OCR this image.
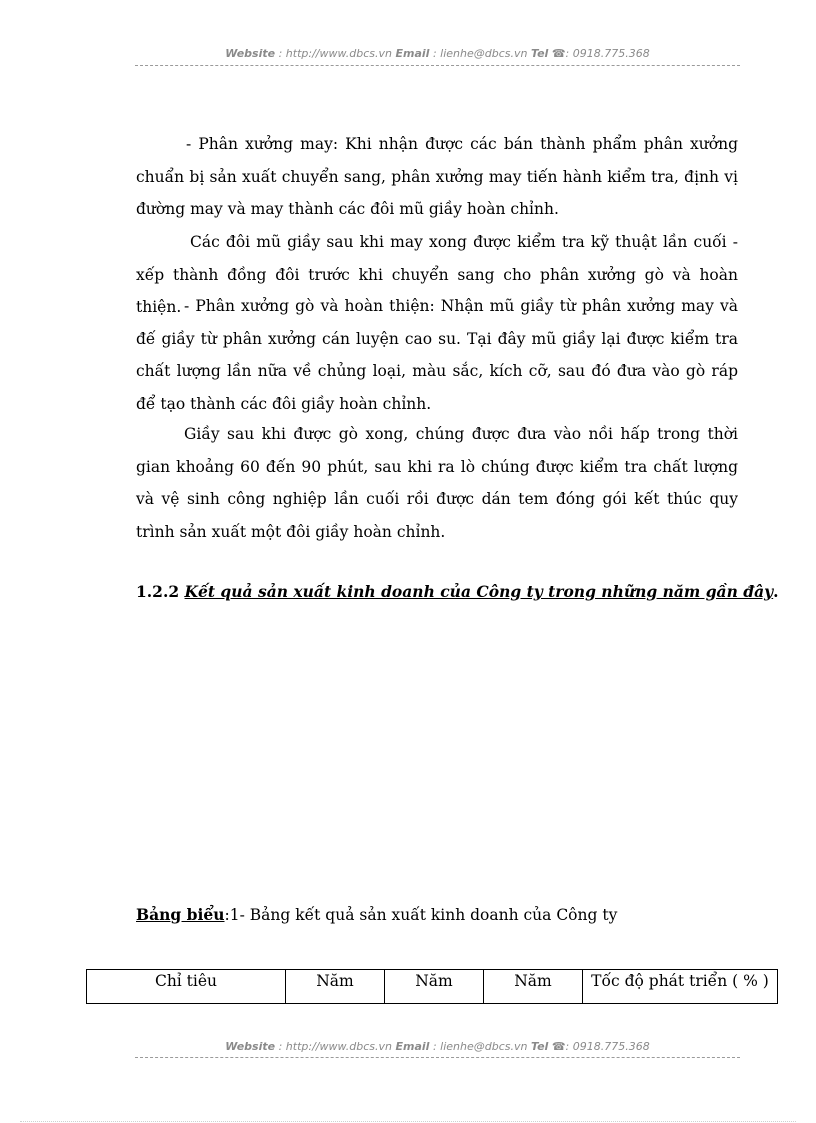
Website : http://www.dbcs.vn Email : lienhe@dbcs.vn Tel ☎: 0918.775.368

- Phân xưởng may: Khi nhận được các bán thành phẩm phân xưởng chuẩn bị sản xuất chuyển sang, phân xưởng may tiến hành kiểm tra, định vị đường may và may thành các đôi mũ giầy hoàn chỉnh.

Các đôi mũ giầy sau khi may xong được kiểm tra kỹ thuật lần cuối - xếp thành đồng đôi trước khi chuyển sang cho phân xưởng gò và hoàn thiện. - Phân xưởng gò và hoàn thiện: Nhận mũ giầy từ phân xưởng may và đế giầy từ phân xưởng cán luyện cao su. Tại đây mũ giầy lại được kiểm tra chất lượng lần nữa về chủng loại, màu sắc, kích cỡ, sau đó đưa vào gò ráp để tạo thành các đôi giầy hoàn chỉnh.

Giầy sau khi được gò xong, chúng được đưa vào nồi hấp trong thời gian khoảng 60 đến 90 phút, sau khi ra lò chúng được kiểm tra chất lượng và vệ sinh công nghiệp lần cuối rồi được dán tem đóng gói kết thúc quy trình sản xuất một đôi giầy hoàn chỉnh.

1.2.2 Kết quả sản xuất kinh doanh của Công ty trong những năm gần đây.
Bảng biểu:1- Bảng kết quả sản xuất kinh doanh của Công ty
Chỉ tiêu	Năm	Năm	Năm	Tốc độ phát triển ( % )
Website : http://www.dbcs.vn Email : lienhe@dbcs.vn Tel ☎: 0918.775.368
